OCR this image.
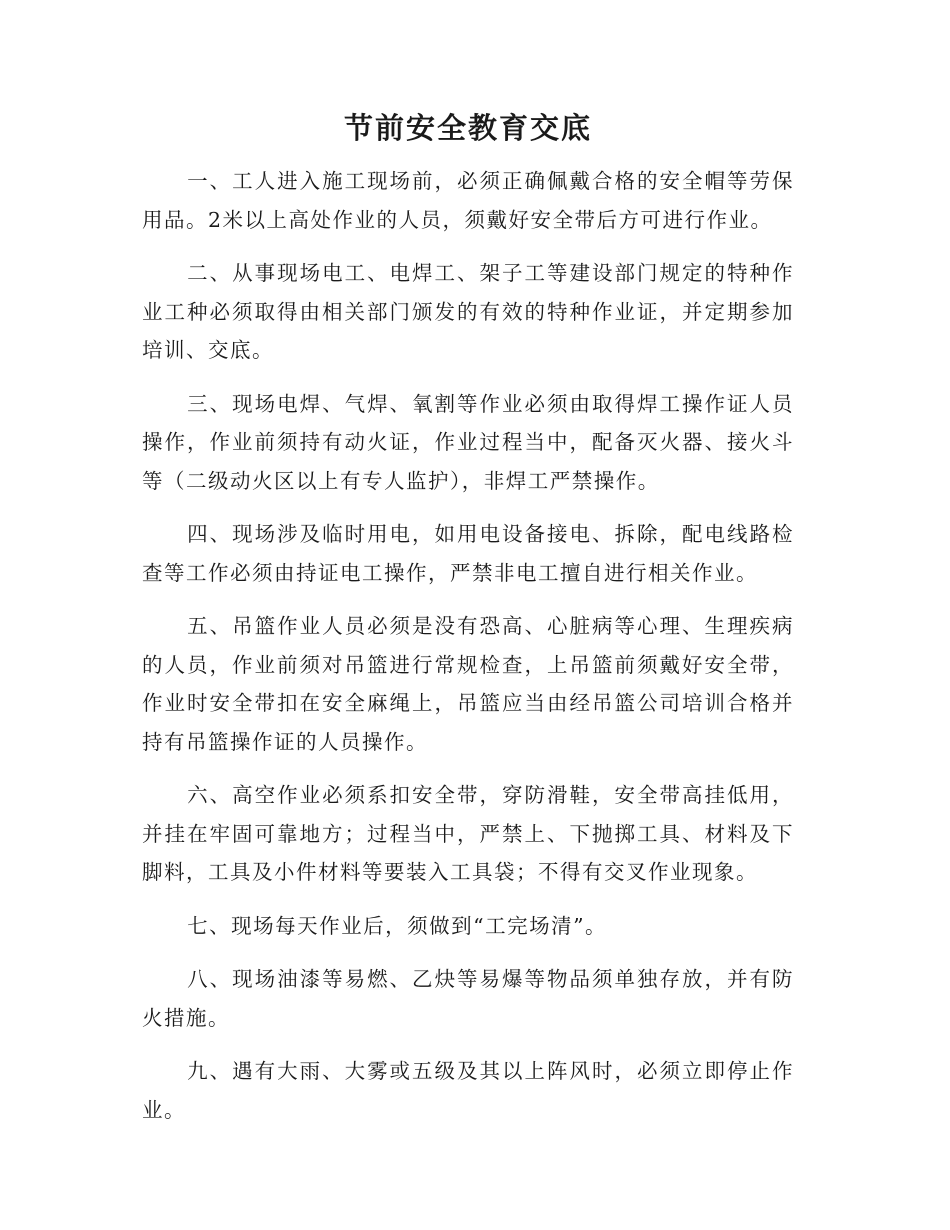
节前安全教育交底

一、工人进入施工现场前，必须正确佩戴合格的安全帽等劳保用品。2米以上高处作业的人员，须戴好安全带后方可进行作业。

二、从事现场电工、电焊工、架子工等建设部门规定的特种作业工种必须取得由相关部门颁发的有效的特种作业证，并定期参加培训、交底。

三、现场电焊、气焊、氧割等作业必须由取得焊工操作证人员操作，作业前须持有动火证，作业过程当中，配备灭火器、接火斗等（二级动火区以上有专人监护），非焊工严禁操作。

四、现场涉及临时用电，如用电设备接电、拆除，配电线路检查等工作必须由持证电工操作，严禁非电工擅自进行相关作业。

五、吊篮作业人员必须是没有恐高、心脏病等心理、生理疾病的人员，作业前须对吊篮进行常规检查，上吊篮前须戴好安全带，作业时安全带扣在安全麻绳上，吊篮应当由经吊篮公司培训合格并持有吊篮操作证的人员操作。

六、高空作业必须系扣安全带，穿防滑鞋，安全带高挂低用，并挂在牢固可靠地方；过程当中，严禁上、下抛掷工具、材料及下脚料，工具及小件材料等要装入工具袋；不得有交叉作业现象。

七、现场每天作业后，须做到“工完场清”。

八、现场油漆等易燃、乙炔等易爆等物品须单独存放，并有防火措施。

九、遇有大雨、大雾或五级及其以上阵风时，必须立即停止作业。
